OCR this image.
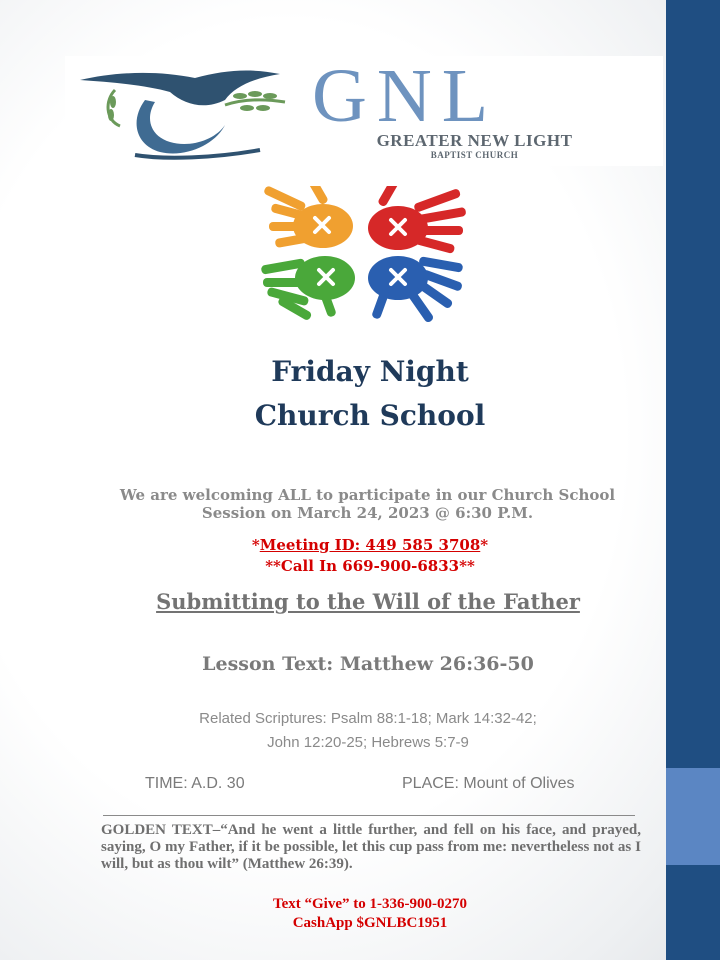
GNL
GREATER NEW LIGHT
BAPTIST CHURCH
Friday Night
Church School
We are welcoming ALL to participate in our Church School
Session on March 24, 2023 @ 6:30 P.M.
*Meeting ID: 449 585 3708*
**Call In 669-900-6833**
Submitting to the Will of the Father
Lesson Text: Matthew 26:36-50
Related Scriptures: Psalm 88:1-18; Mark 14:32-42;
John 12:20-25; Hebrews 5:7-9
TIME: A.D. 30	PLACE: Mount of Olives
GOLDEN TEXT–“And he went a little further, and fell on his face, and prayed, saying, O my Father, if it be possible, let this cup pass from me: nevertheless not as I will, but as thou wilt” (Matthew 26:39).
Text “Give” to 1-336-900-0270
CashApp $GNLBC1951
